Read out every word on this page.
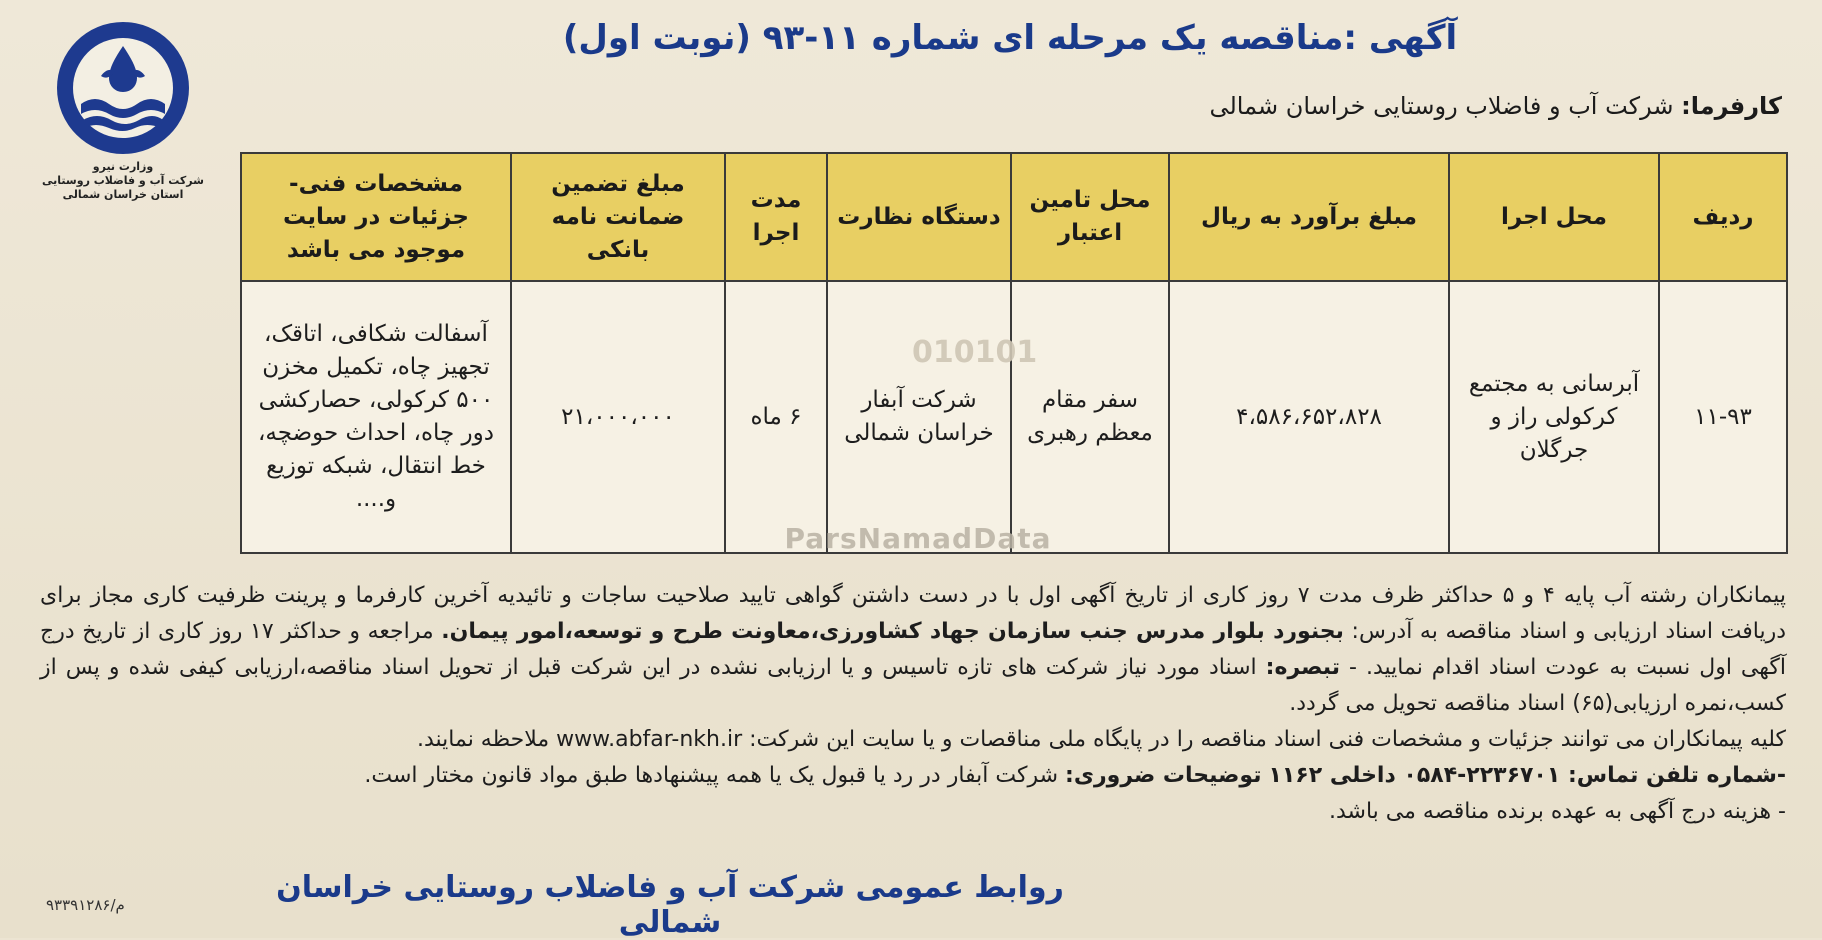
وزارت نیرو
شرکت آب و فاضلاب روستایی
استان خراسان شمالی
آگهی :مناقصه یک مرحله ای شماره ۱۱-۹۳ (نوبت اول)
کارفرما: شرکت آب و فاضلاب روستایی خراسان شمالی
ردیف	محل اجرا	مبلغ برآورد به ریال	محل تامین اعتبار	دستگاه نظارت	مدت اجرا	مبلغ تضمین ضمانت نامه بانکی	مشخصات فنی- جزئیات در سایت موجود می باشد
۱۱-۹۳	آبرسانی به مجتمع کرکولی راز و جرگلان	۴،۵۸۶،۶۵۲،۸۲۸	سفر مقام معظم رهبری	شرکت آبفار خراسان شمالی	۶ ماه	۲۱،۰۰۰،۰۰۰	آسفالت شکافی، اتاقک، تجهیز چاه، تکمیل مخزن ۵۰۰ کرکولی، حصارکشی دور چاه، احداث حوضچه، خط انتقال، شبکه توزیع و....
010101
ParsNamadData

پیمانکاران رشته آب پایه ۴ و ۵ حداکثر ظرف مدت ۷ روز کاری از تاریخ آگهی اول با در دست داشتن گواهی تایید صلاحیت ساجات و تائیدیه آخرین کارفرما و پرینت ظرفیت کاری مجاز برای دریافت اسناد ارزیابی و اسناد مناقصه به آدرس: بجنورد بلوار مدرس جنب سازمان جهاد کشاورزی،معاونت طرح و توسعه،امور پیمان. مراجعه و حداکثر ۱۷ روز کاری از تاریخ درج آگهی اول نسبت به عودت اسناد اقدام نمایید. - تبصره: اسناد مورد نیاز شرکت های تازه تاسیس و یا ارزیابی نشده در این شرکت قبل از تحویل اسناد مناقصه،ارزیابی کیفی شده و پس از کسب،نمره ارزیابی(۶۵) اسناد مناقصه تحویل می گردد.

کلیه پیمانکاران می توانند جزئیات و مشخصات فنی اسناد مناقصه را در پایگاه ملی مناقصات و یا سایت این شرکت: www.abfar-nkh.ir ملاحظه نمایند.

-شماره تلفن تماس: ۲۲۳۶۷۰۱-۰۵۸۴ داخلی ۱۱۶۲ توضیحات ضروری: شرکت آبفار در رد یا قبول یک یا همه پیشنهادها طبق مواد قانون مختار است.

- هزینه درج آگهی به عهده برنده مناقصه می باشد.

روابط عمومی شرکت آب و فاضلاب روستایی خراسان شمالی
م/۹۳۳۹۱۲۸۶
